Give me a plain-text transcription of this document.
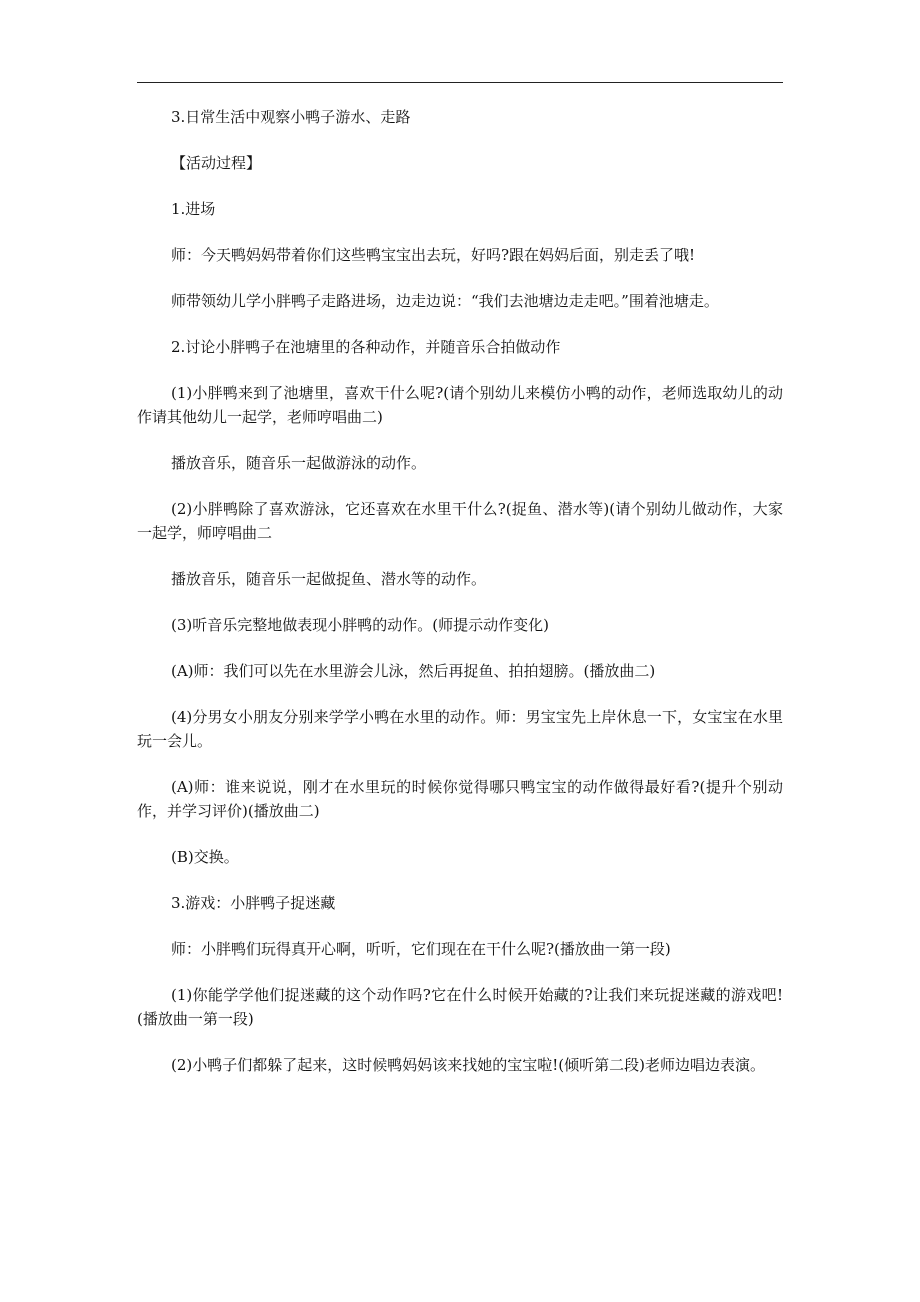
3.日常生活中观察小鸭子游水、走路

【活动过程】

1.进场

师：今天鸭妈妈带着你们这些鸭宝宝出去玩，好吗?跟在妈妈后面，别走丢了哦!

师带领幼儿学小胖鸭子走路进场，边走边说：“我们去池塘边走走吧。”围着池塘走。

2.讨论小胖鸭子在池塘里的各种动作，并随音乐合拍做动作

(1)小胖鸭来到了池塘里，喜欢干什么呢?(请个别幼儿来模仿小鸭的动作，老师选取幼儿的动作请其他幼儿一起学，老师哼唱曲二)

播放音乐，随音乐一起做游泳的动作。

(2)小胖鸭除了喜欢游泳，它还喜欢在水里干什么?(捉鱼、潜水等)(请个别幼儿做动作，大家一起学，师哼唱曲二

播放音乐，随音乐一起做捉鱼、潜水等的动作。

(3)听音乐完整地做表现小胖鸭的动作。(师提示动作变化)

(A)师：我们可以先在水里游会儿泳，然后再捉鱼、拍拍翅膀。(播放曲二)

(4)分男女小朋友分别来学学小鸭在水里的动作。师：男宝宝先上岸休息一下，女宝宝在水里玩一会儿。

(A)师：谁来说说，刚才在水里玩的时候你觉得哪只鸭宝宝的动作做得最好看?(提升个别动作，并学习评价)(播放曲二)

(B)交换。

3.游戏：小胖鸭子捉迷藏

师：小胖鸭们玩得真开心啊，听听，它们现在在干什么呢?(播放曲一第一段)

(1)你能学学他们捉迷藏的这个动作吗?它在什么时候开始藏的?让我们来玩捉迷藏的游戏吧!(播放曲一第一段)

(2)小鸭子们都躲了起来，这时候鸭妈妈该来找她的宝宝啦!(倾听第二段)老师边唱边表演。
